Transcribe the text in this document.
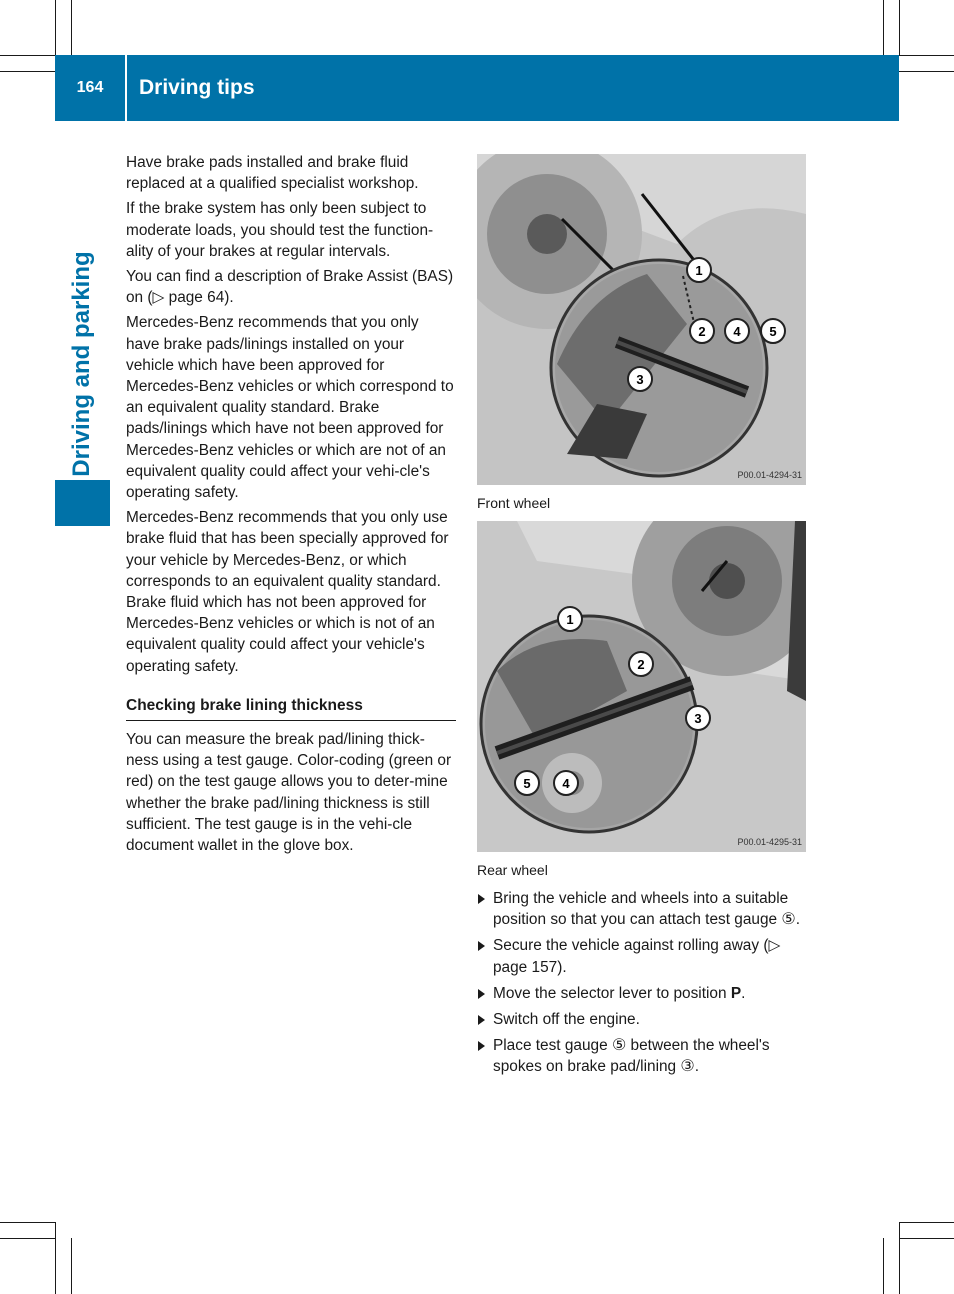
164	Driving tips
Driving and parking

Have brake pads installed and brake fluid replaced at a qualified specialist workshop.

If the brake system has only been subject to moderate loads, you should test the function-ality of your brakes at regular intervals.

You can find a description of Brake Assist (BAS) on (▷ page 64).

Mercedes-Benz recommends that you only have brake pads/linings installed on your vehicle which have been approved for Mercedes-Benz vehicles or which correspond to an equivalent quality standard. Brake pads/linings which have not been approved for Mercedes-Benz vehicles or which are not of an equivalent quality could affect your vehi-cle's operating safety.

Mercedes-Benz recommends that you only use brake fluid that has been specially approved for your vehicle by Mercedes-Benz, or which corresponds to an equivalent quality standard. Brake fluid which has not been approved for Mercedes-Benz vehicles or which is not of an equivalent quality could affect your vehicle's operating safety.

Checking brake lining thickness

You can measure the break pad/lining thick-ness using a test gauge. Color-coding (green or red) on the test gauge allows you to deter-mine whether the brake pad/lining thickness is still sufficient. The test gauge is in the vehi-cle document wallet in the glove box.

1
2
3
4 5
P00.01-4294-31
Front wheel
1
2
3
4
5
P00.01-4295-31
Rear wheel
Bring the vehicle and wheels into a suitable position so that you can attach test gauge ⑤.
Secure the vehicle against rolling away (▷ page 157).
Move the selector lever to position P.
Switch off the engine.
Place test gauge ⑤ between the wheel's spokes on brake pad/lining ③.
